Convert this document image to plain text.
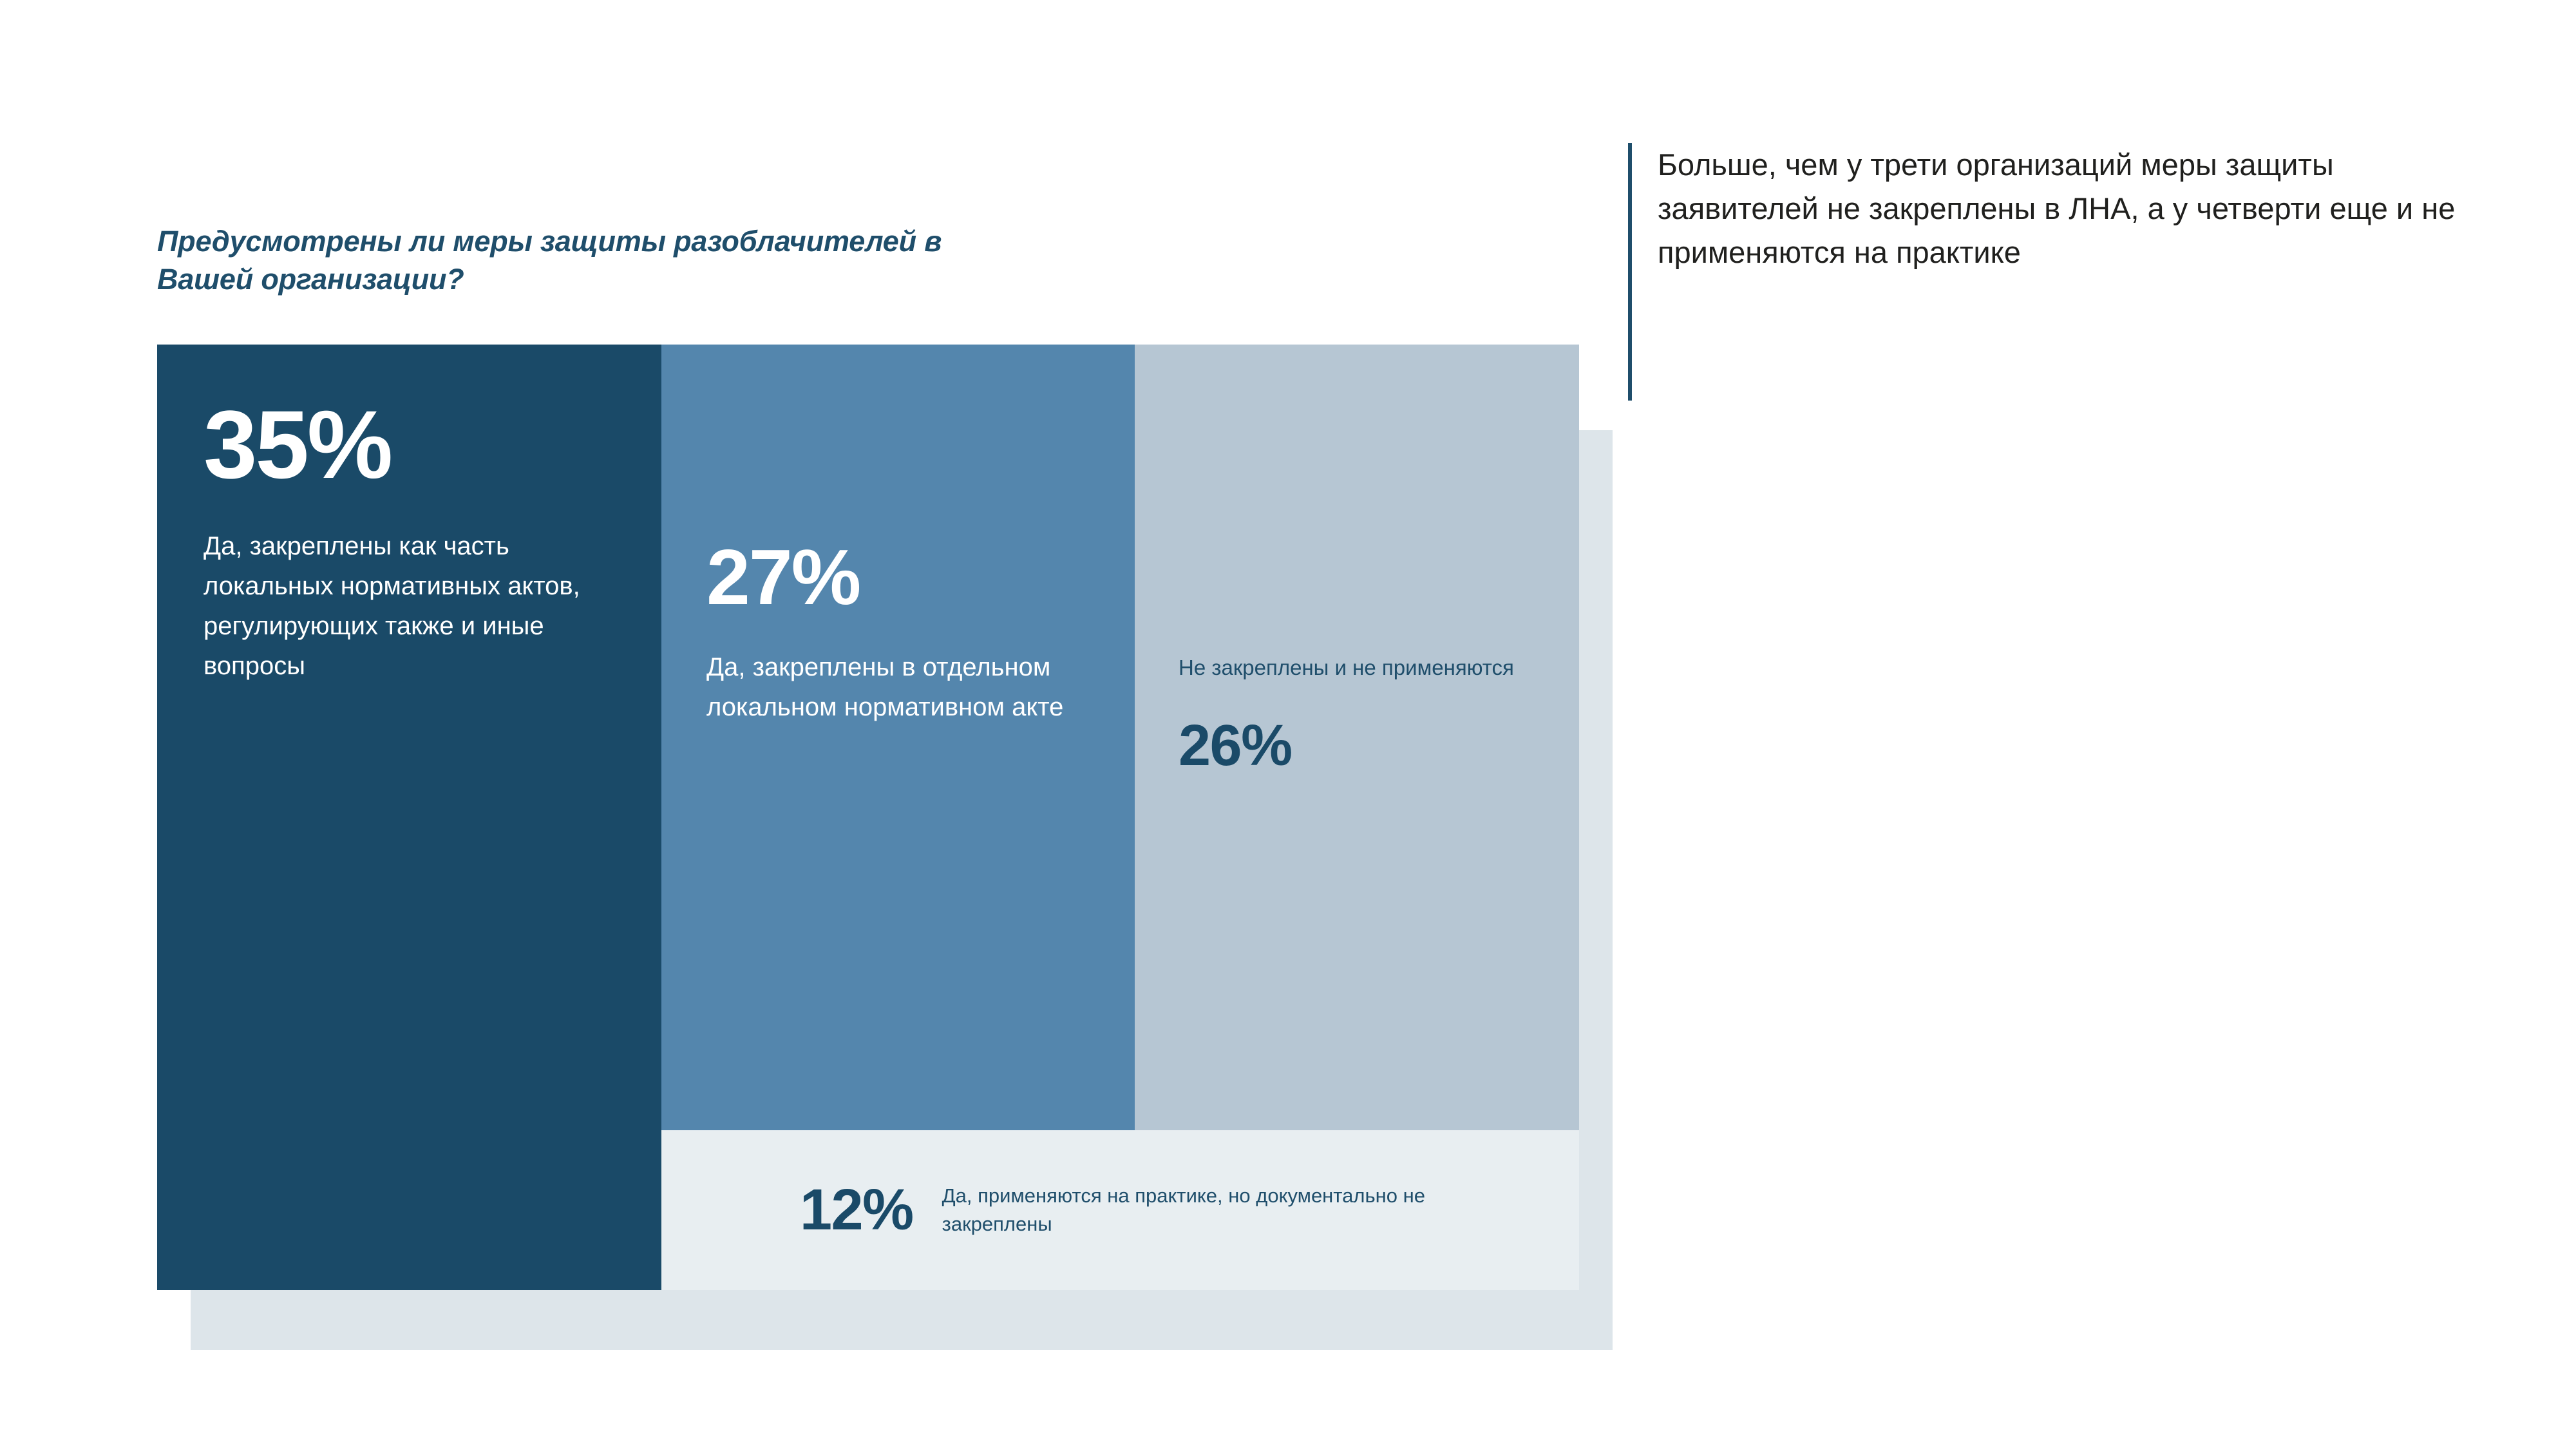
Предусмотрены ли меры защиты разоблачителей в Вашей организации?
35%
Да, закреплены как часть локальных нормативных актов, регулирующих также и иные вопросы
27%
Да, закреплены в отдельном локальном нормативном акте
Не закреплены и не применяются
26%
12% Да, применяются на практике, но документально не закреплены
Больше, чем у трети организаций меры защиты заявителей не закреплены в ЛНА, а у четверти еще и не применяются на практике
